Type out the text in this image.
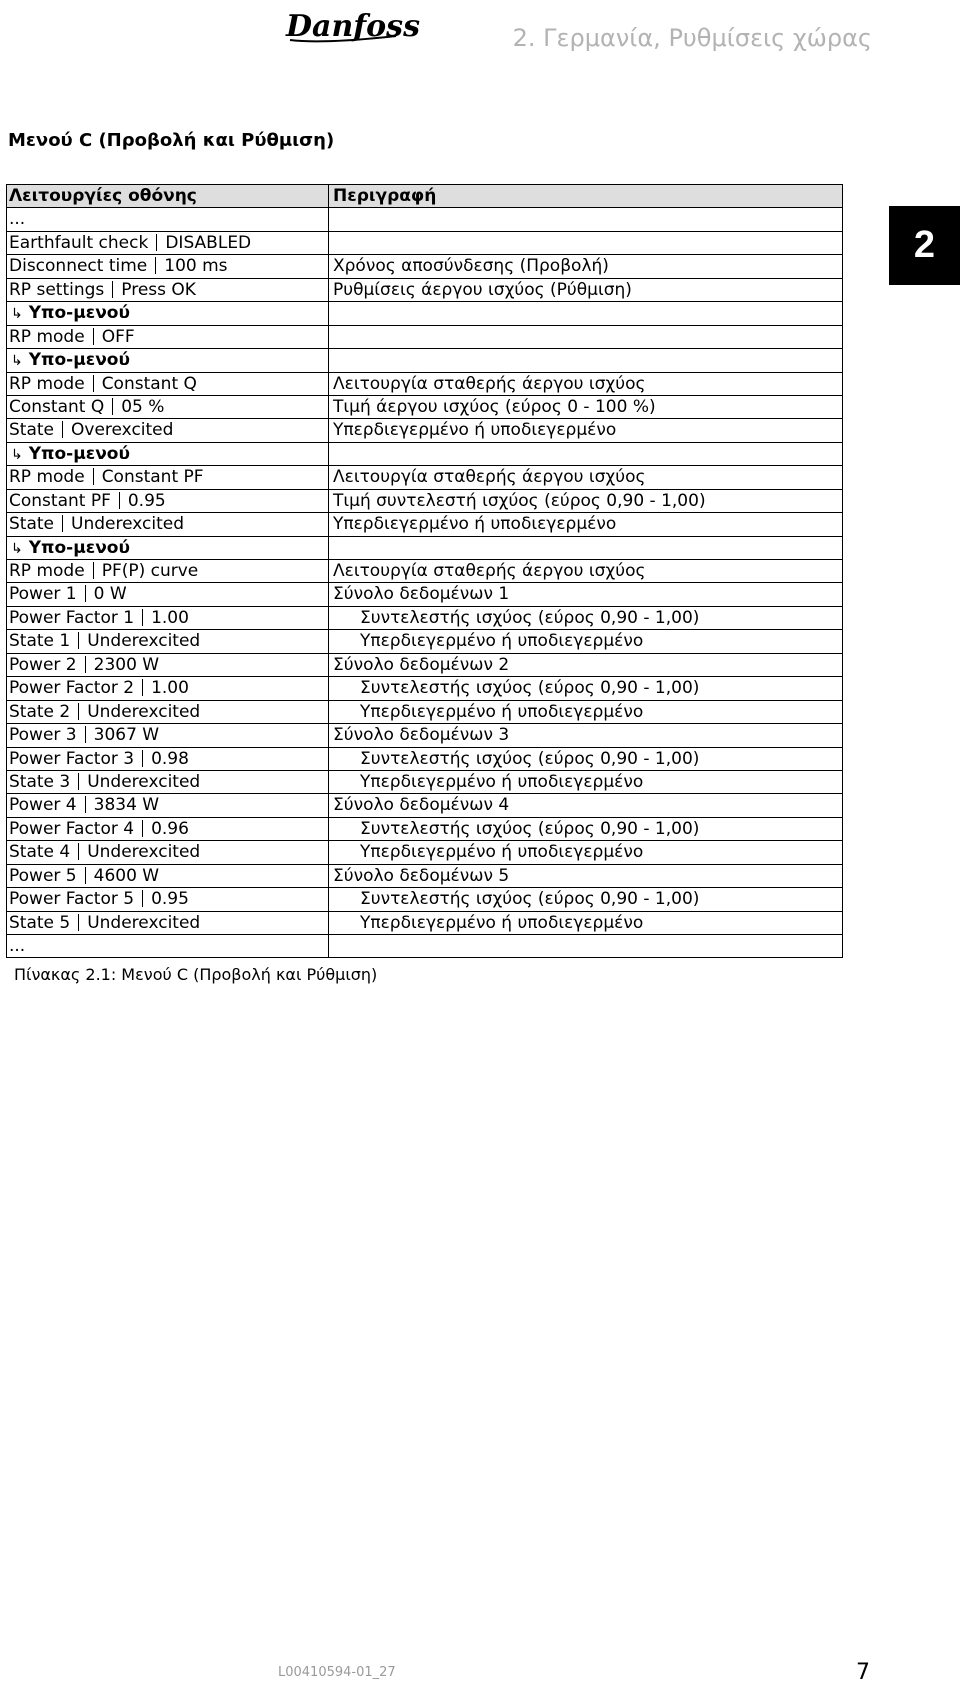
Danfoss	2. Γερμανία, Ρυθμίσεις χώρας
2
Μενού C (Προβολή και Ρύθμιση)
Λειτουργίες οθόνης	Περιγραφή
...
Earthfault check DISABLED
Disconnect time 100 ms	Χρόνος αποσύνδεσης (Προβολή)
RP settings Press OK	Ρυθμίσεις άεργου ισχύος (Ρύθμιση)
↳ Υπο-μενού
RP mode OFF
↳ Υπο-μενού
RP mode Constant Q	Λειτουργία σταθερής άεργου ισχύος
Constant Q 05 %	Τιμή άεργου ισχύος (εύρος 0 - 100 %)
State Overexcited	Υπερδιεγερμένο ή υποδιεγερμένο
↳ Υπο-μενού
RP mode Constant PF	Λειτουργία σταθερής άεργου ισχύος
Constant PF 0.95	Τιμή συντελεστή ισχύος (εύρος 0,90 - 1,00)
State Underexcited	Υπερδιεγερμένο ή υποδιεγερμένο
↳ Υπο-μενού
RP mode PF(P) curve	Λειτουργία σταθερής άεργου ισχύος
Power 1 0 W	Σύνολο δεδομένων 1
Power Factor 1 1.00	Συντελεστής ισχύος (εύρος 0,90 - 1,00)
State 1 Underexcited	Υπερδιεγερμένο ή υποδιεγερμένο
Power 2 2300 W	Σύνολο δεδομένων 2
Power Factor 2 1.00	Συντελεστής ισχύος (εύρος 0,90 - 1,00)
State 2 Underexcited	Υπερδιεγερμένο ή υποδιεγερμένο
Power 3 3067 W	Σύνολο δεδομένων 3
Power Factor 3 0.98	Συντελεστής ισχύος (εύρος 0,90 - 1,00)
State 3 Underexcited	Υπερδιεγερμένο ή υποδιεγερμένο
Power 4 3834 W	Σύνολο δεδομένων 4
Power Factor 4 0.96	Συντελεστής ισχύος (εύρος 0,90 - 1,00)
State 4 Underexcited	Υπερδιεγερμένο ή υποδιεγερμένο
Power 5 4600 W	Σύνολο δεδομένων 5
Power Factor 5 0.95	Συντελεστής ισχύος (εύρος 0,90 - 1,00)
State 5 Underexcited	Υπερδιεγερμένο ή υποδιεγερμένο
...
Πίνακας 2.1: Μενού C (Προβολή και Ρύθμιση)
L00410594-01_27	7
